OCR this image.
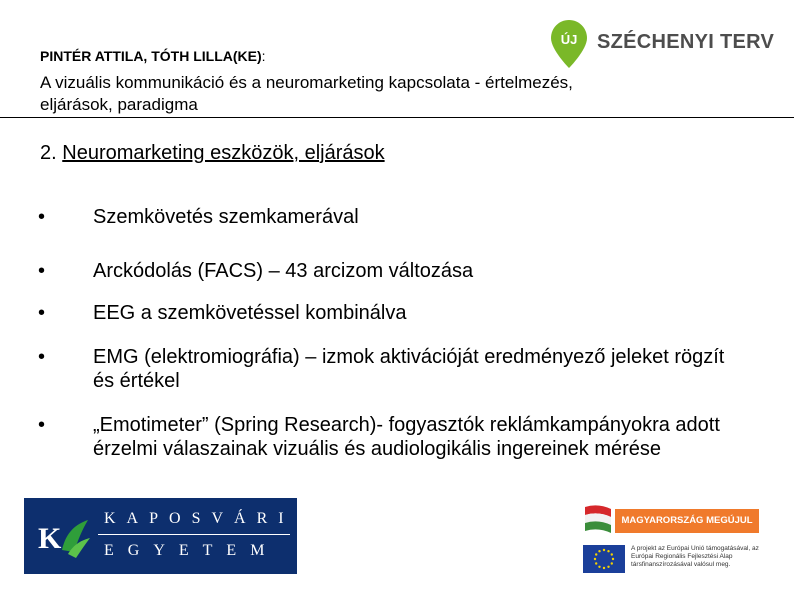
PINTÉR ATTILA, TÓTH LILLA(KE):
A vizuális kommunikáció és a neuromarketing kapcsolata - értelmezés, eljárások, paradigma
2. Neuromarketing eszközök, eljárások
• Szemkövetés szemkamerával
• Arckódolás (FACS) – 43 arcizom változása
• EEG a szemkövetéssel kombinálva
• EMG (elektromiográfia) – izmok aktivációját eredményező jeleket rögzít és értékel
• „Emotimeter” (Spring Research)- fogyasztók reklámkampányokra adott érzelmi válaszainak vizuális és audiologikális ingereinek mérése
ÚJ SZÉCHENYI TERV
K
KAPOSVÁRI
EGYETEM
MAGYARORSZÁG MEGÚJUL
A projekt az Európai Unió támogatásával, az Európai Regionális Fejlesztési Alap társfinanszírozásával valósul meg.
